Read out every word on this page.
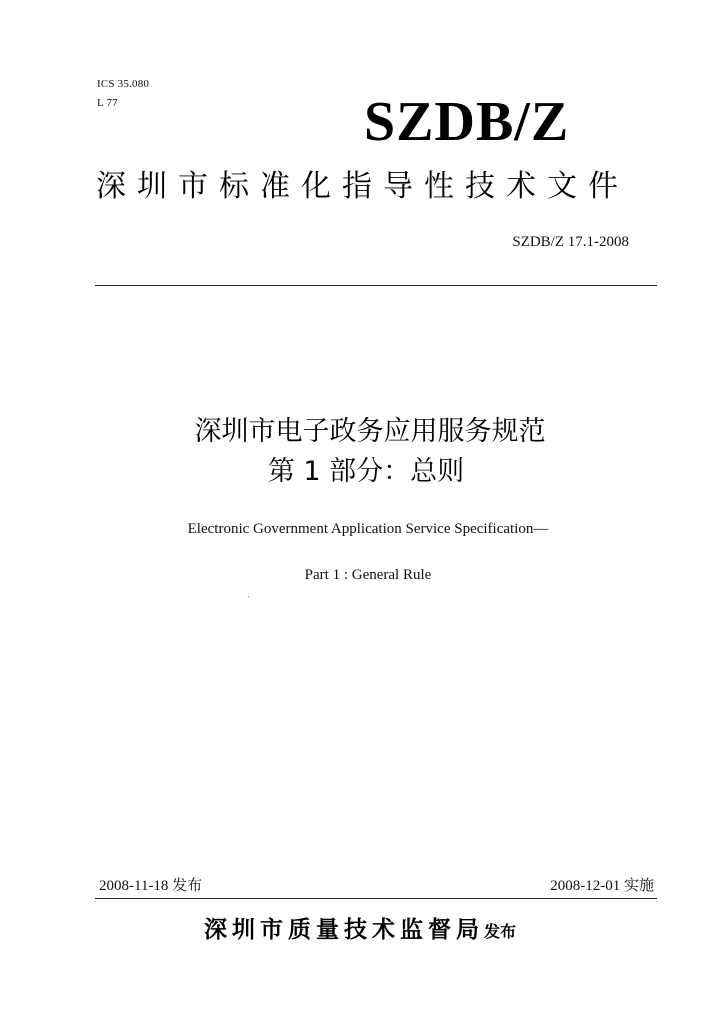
ICS 35.080
L 77	SZDB/Z
深圳市标准化指导性技术文件
SZDB/Z 17.1-2008
深圳市电子政务应用服务规范
第 1 部分：总则
Electronic Government Application Service Specification—
Part 1 : General Rule
2008-11-18 发布	2008-12-01 实施
深圳市质量技术监督局发布
